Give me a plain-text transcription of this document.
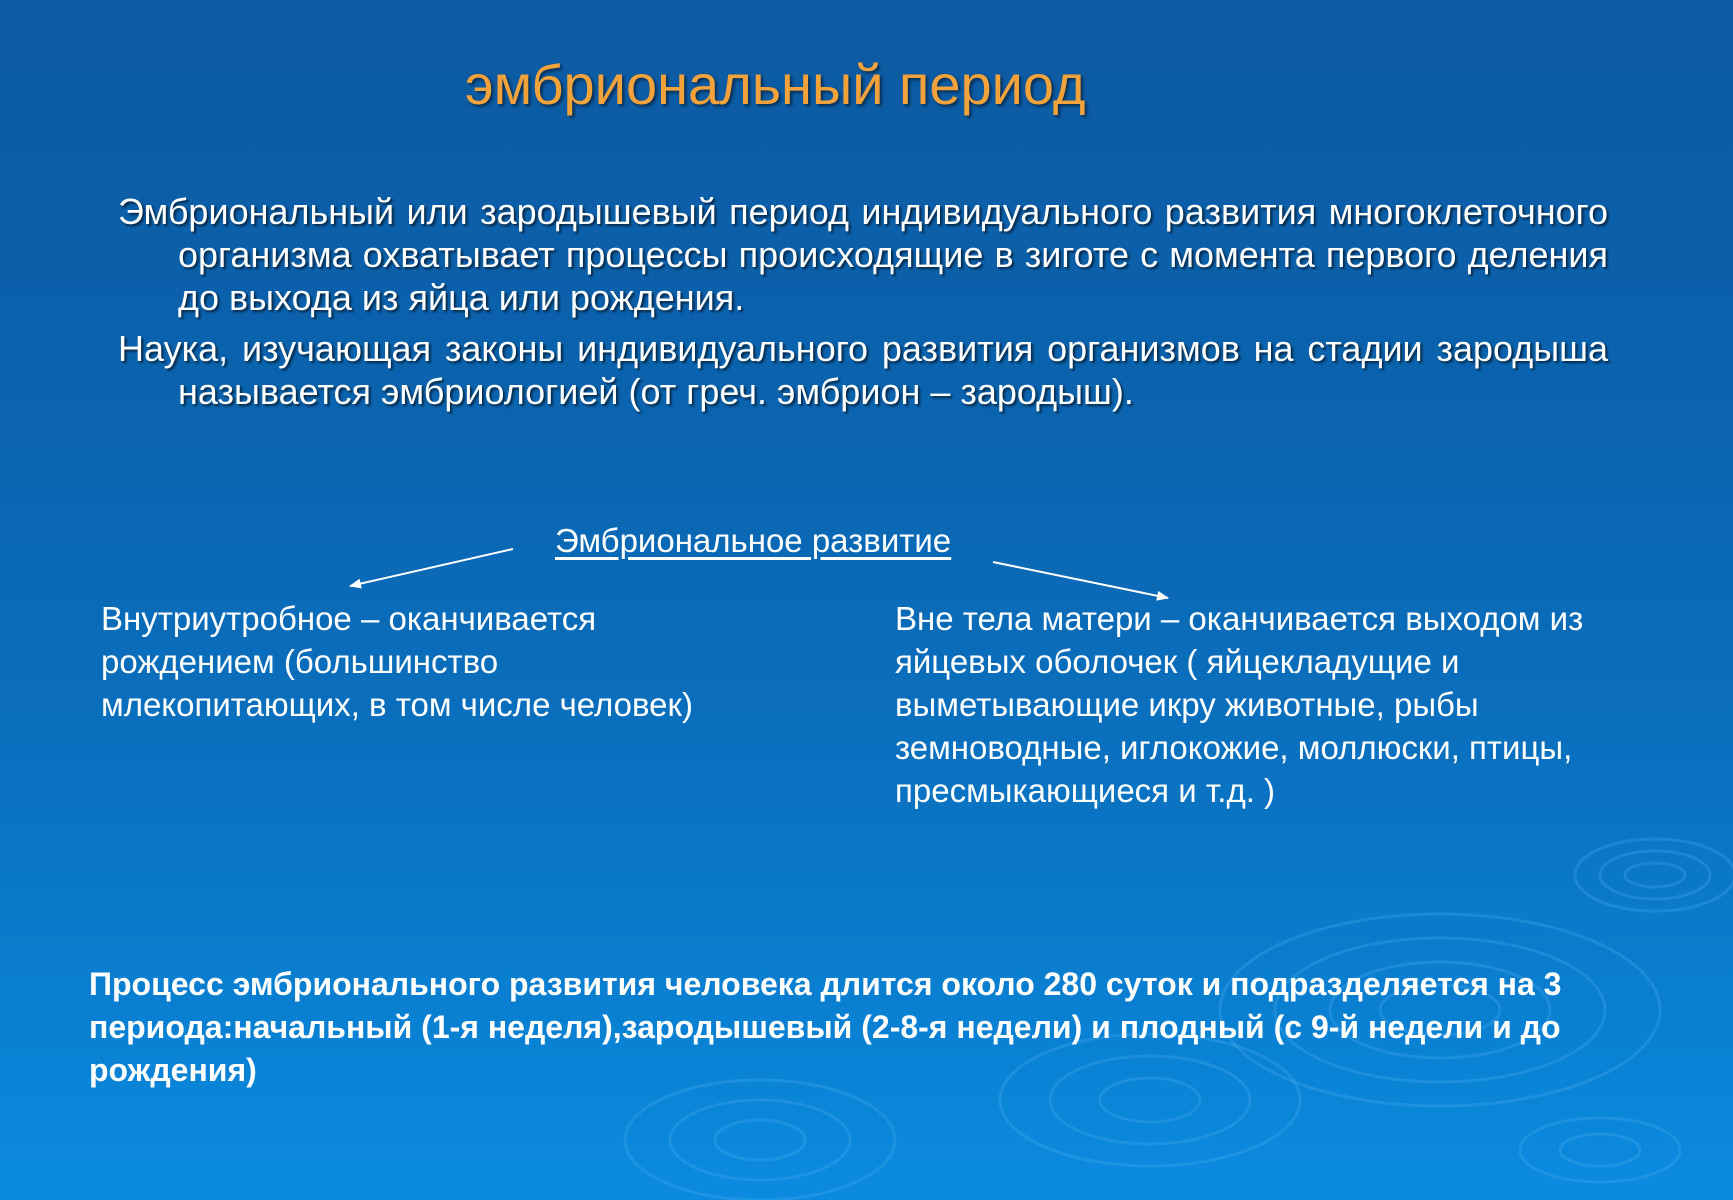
эмбриональный период

Эмбриональный или зародышевый период индивидуального развития многоклеточного организма охватывает процессы происходящие в зиготе с момента первого деления до выхода из яйца или рождения.

Наука, изучающая законы индивидуального развития организмов на стадии зародыша называется эмбриологией (от греч. эмбрион – зародыш).

Эмбриональное развитие

Внутриутробное – оканчивается рождением (большинство млекопитающих, в том числе человек)

Вне тела матери – оканчивается выходом из яйцевых оболочек ( яйцекладущие и выметывающие икру животные, рыбы земноводные, иглокожие, моллюски, птицы, пресмыкающиеся и т.д. )

Процесс эмбрионального развития человека длится около 280 суток и подразделяется на 3 периода:начальный (1-я неделя),зародышевый (2-8-я недели) и плодный (с 9-й недели и до рождения)
